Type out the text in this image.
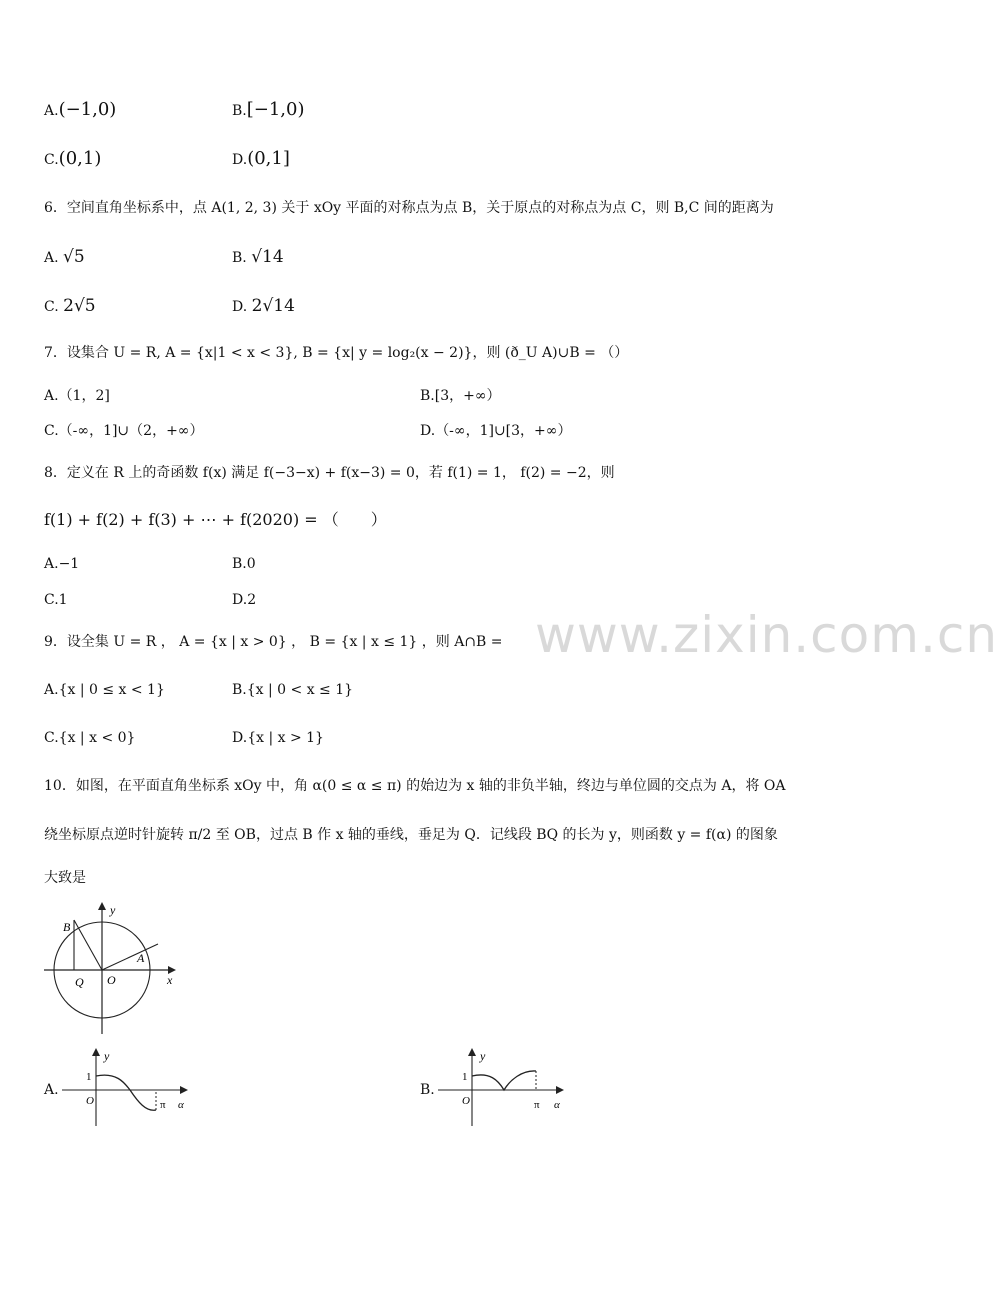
www.zixin.com.cn
A.(−1,0)	B.[−1,0)
C.(0,1)	D.(0,1]
6．空间直角坐标系中，点 A(1, 2, 3) 关于 xOy 平面的对称点为点 B，关于原点的对称点为点 C，则 B,C 间的距离为
A. √5	B. √14
C. 2√5	D. 2√14
7．设集合 U = R, A = {x|1 < x < 3}, B = {x| y = log₂(x − 2)}，则 (ð_U A)∪B = （）
A.（1，2]	B.[3，+∞）
C.（-∞，1]∪（2，+∞）	D.（-∞，1]∪[3，+∞）
8．定义在 R 上的奇函数 f(x) 满足 f(−3−x) + f(x−3) = 0，若 f(1) = 1， f(2) = −2，则
f(1) + f(2) + f(3) + ⋯ + f(2020) = （　　）
A.−1	B.0
C.1	D.2
9．设全集 U = R ， A = {x | x > 0} ， B = {x | x ≤ 1} ，则 A∩B =
A.{x | 0 ≤ x < 1}	B.{x | 0 < x ≤ 1}
C.{x | x < 0}	D.{x | x > 1}
10．如图，在平面直角坐标系 xOy 中，角 α(0 ≤ α ≤ π) 的始边为 x 轴的非负半轴，终边与单位圆的交点为 A，将 OA
绕坐标原点逆时针旋转 π/2 至 OB，过点 B 作 x 轴的垂线，垂足为 Q．记线段 BQ 的长为 y，则函数 y = f(α) 的图象
大致是
y
x
B
A
Q O
A.
y
1
O	π α
B.
y
1
O	π α
